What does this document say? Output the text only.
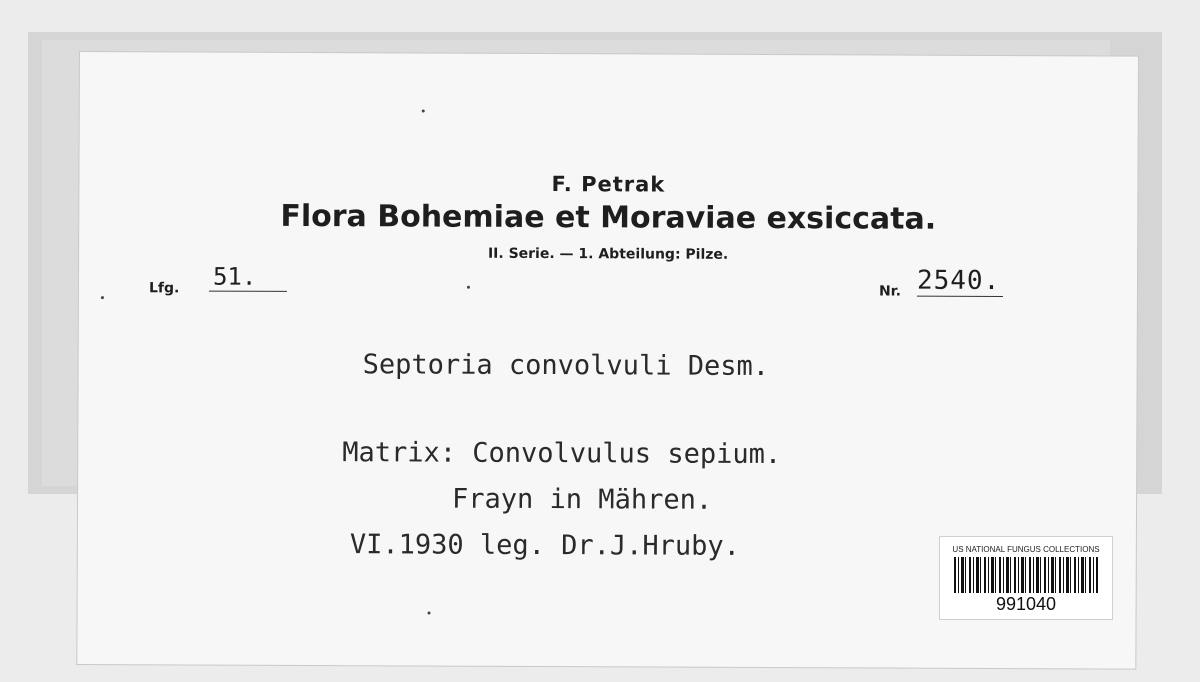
F. Petrak
Flora Bohemiae et Moraviae exsiccata.
II. Serie. — 1. Abteilung: Pilze.
Lfg. 51.
Nr. 2540.
Septoria convolvuli Desm.
Matrix: Convolvulus sepium.
Frayn in Mähren.
VI.1930 leg. Dr.J.Hruby.	US NATIONAL FUNGUS COLLECTIONS
991040
